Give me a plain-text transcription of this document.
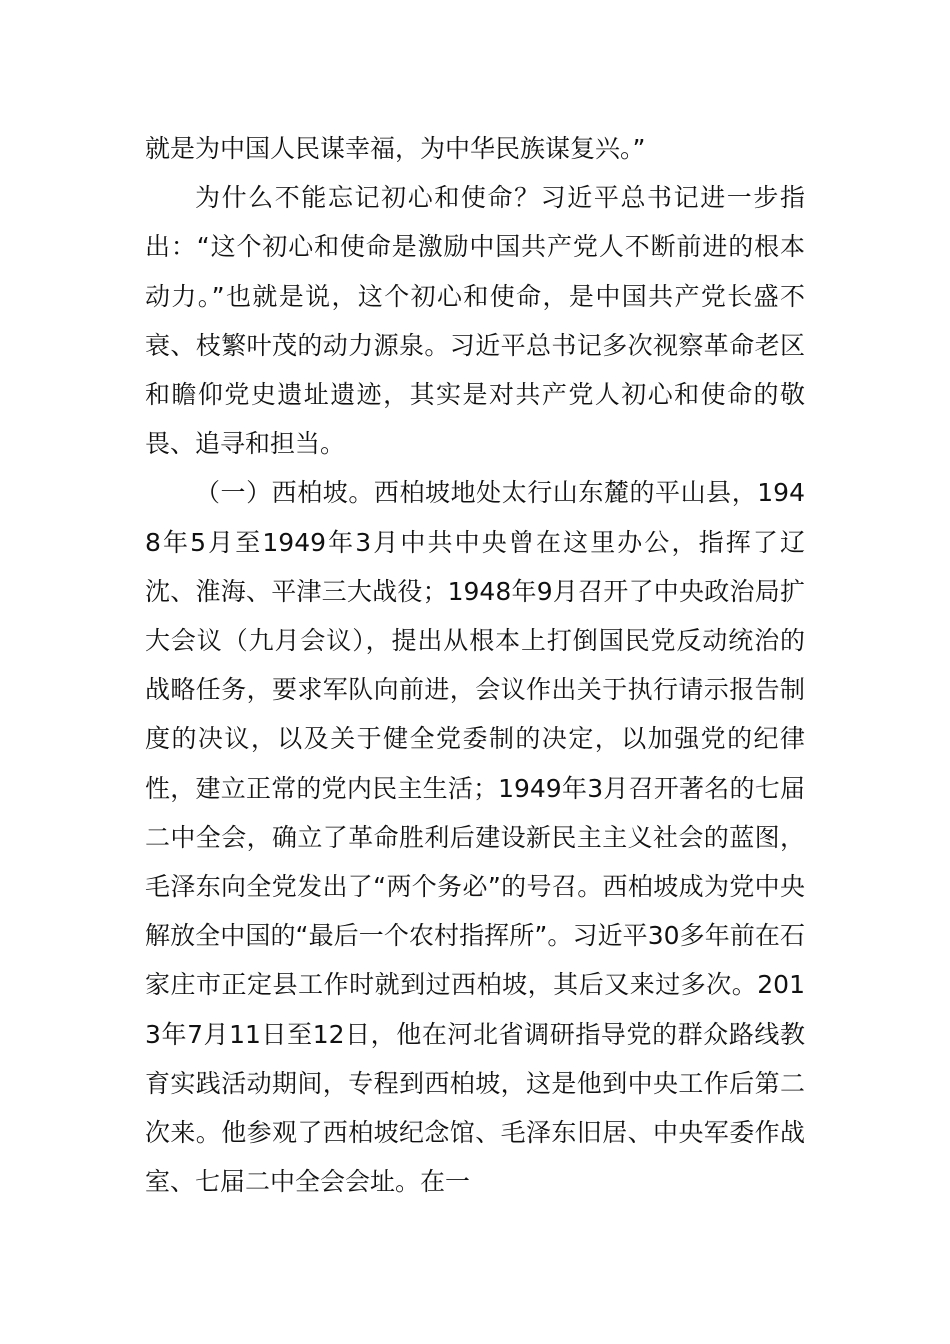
就是为中国人民谋幸福，为中华民族谋复兴。”

为什么不能忘记初心和使命？习近平总书记进一步指出：“这个初心和使命是激励中国共产党人不断前进的根本动力。”也就是说，这个初心和使命，是中国共产党长盛不衰、枝繁叶茂的动力源泉。习近平总书记多次视察革命老区和瞻仰党史遗址遗迹，其实是对共产党人初心和使命的敬畏、追寻和担当。

（一）西柏坡。西柏坡地处太行山东麓的平山县，1948年5月至1949年3月中共中央曾在这里办公，指挥了辽沈、淮海、平津三大战役；1948年9月召开了中央政治局扩大会议（九月会议），提出从根本上打倒国民党反动统治的战略任务，要求军队向前进，会议作出关于执行请示报告制度的决议，以及关于健全党委制的决定，以加强党的纪律性，建立正常的党内民主生活；1949年3月召开著名的七届二中全会，确立了革命胜利后建设新民主主义社会的蓝图，毛泽东向全党发出了“两个务必”的号召。西柏坡成为党中央解放全中国的“最后一个农村指挥所”。习近平30多年前在石家庄市正定县工作时就到过西柏坡，其后又来过多次。2013年7月11日至12日，他在河北省调研指导党的群众路线教育实践活动期间，专程到西柏坡，这是他到中央工作后第二次来。他参观了西柏坡纪念馆、毛泽东旧居、中央军委作战室、七届二中全会会址。在一
